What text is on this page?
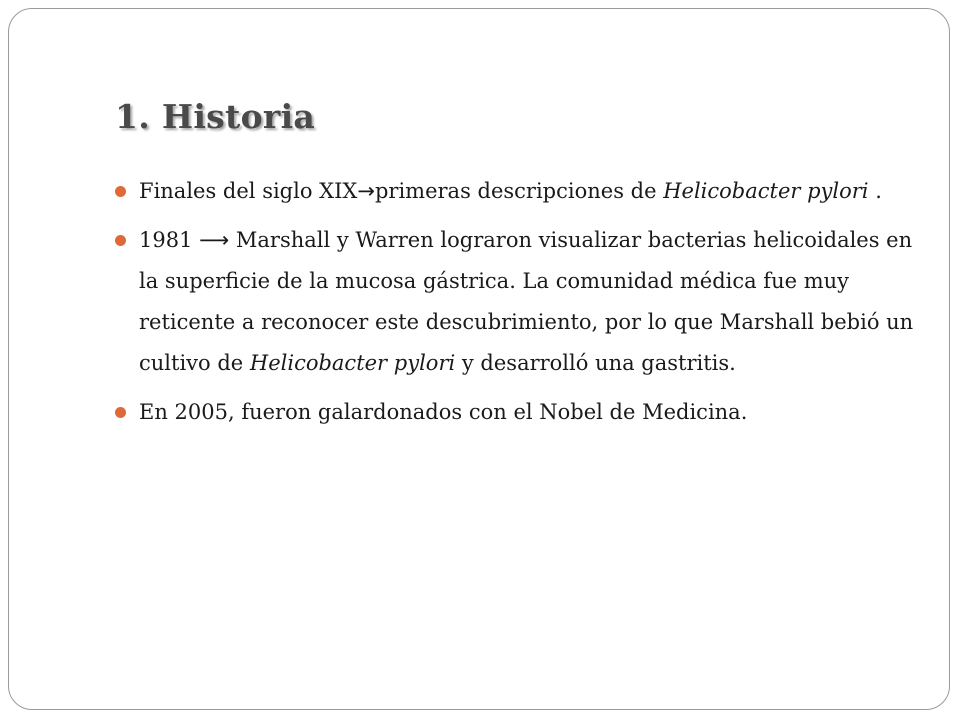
1. Historia
Finales del siglo XIX→primeras descripciones de Helicobacter pylori .
1981 ⟶ Marshall y Warren lograron visualizar bacterias helicoidales en la superficie de la mucosa gástrica. La comunidad médica fue muy reticente a reconocer este descubrimiento, por lo que Marshall bebió un cultivo de Helicobacter pylori y desarrolló una gastritis.
En 2005, fueron galardonados con el Nobel de Medicina.
